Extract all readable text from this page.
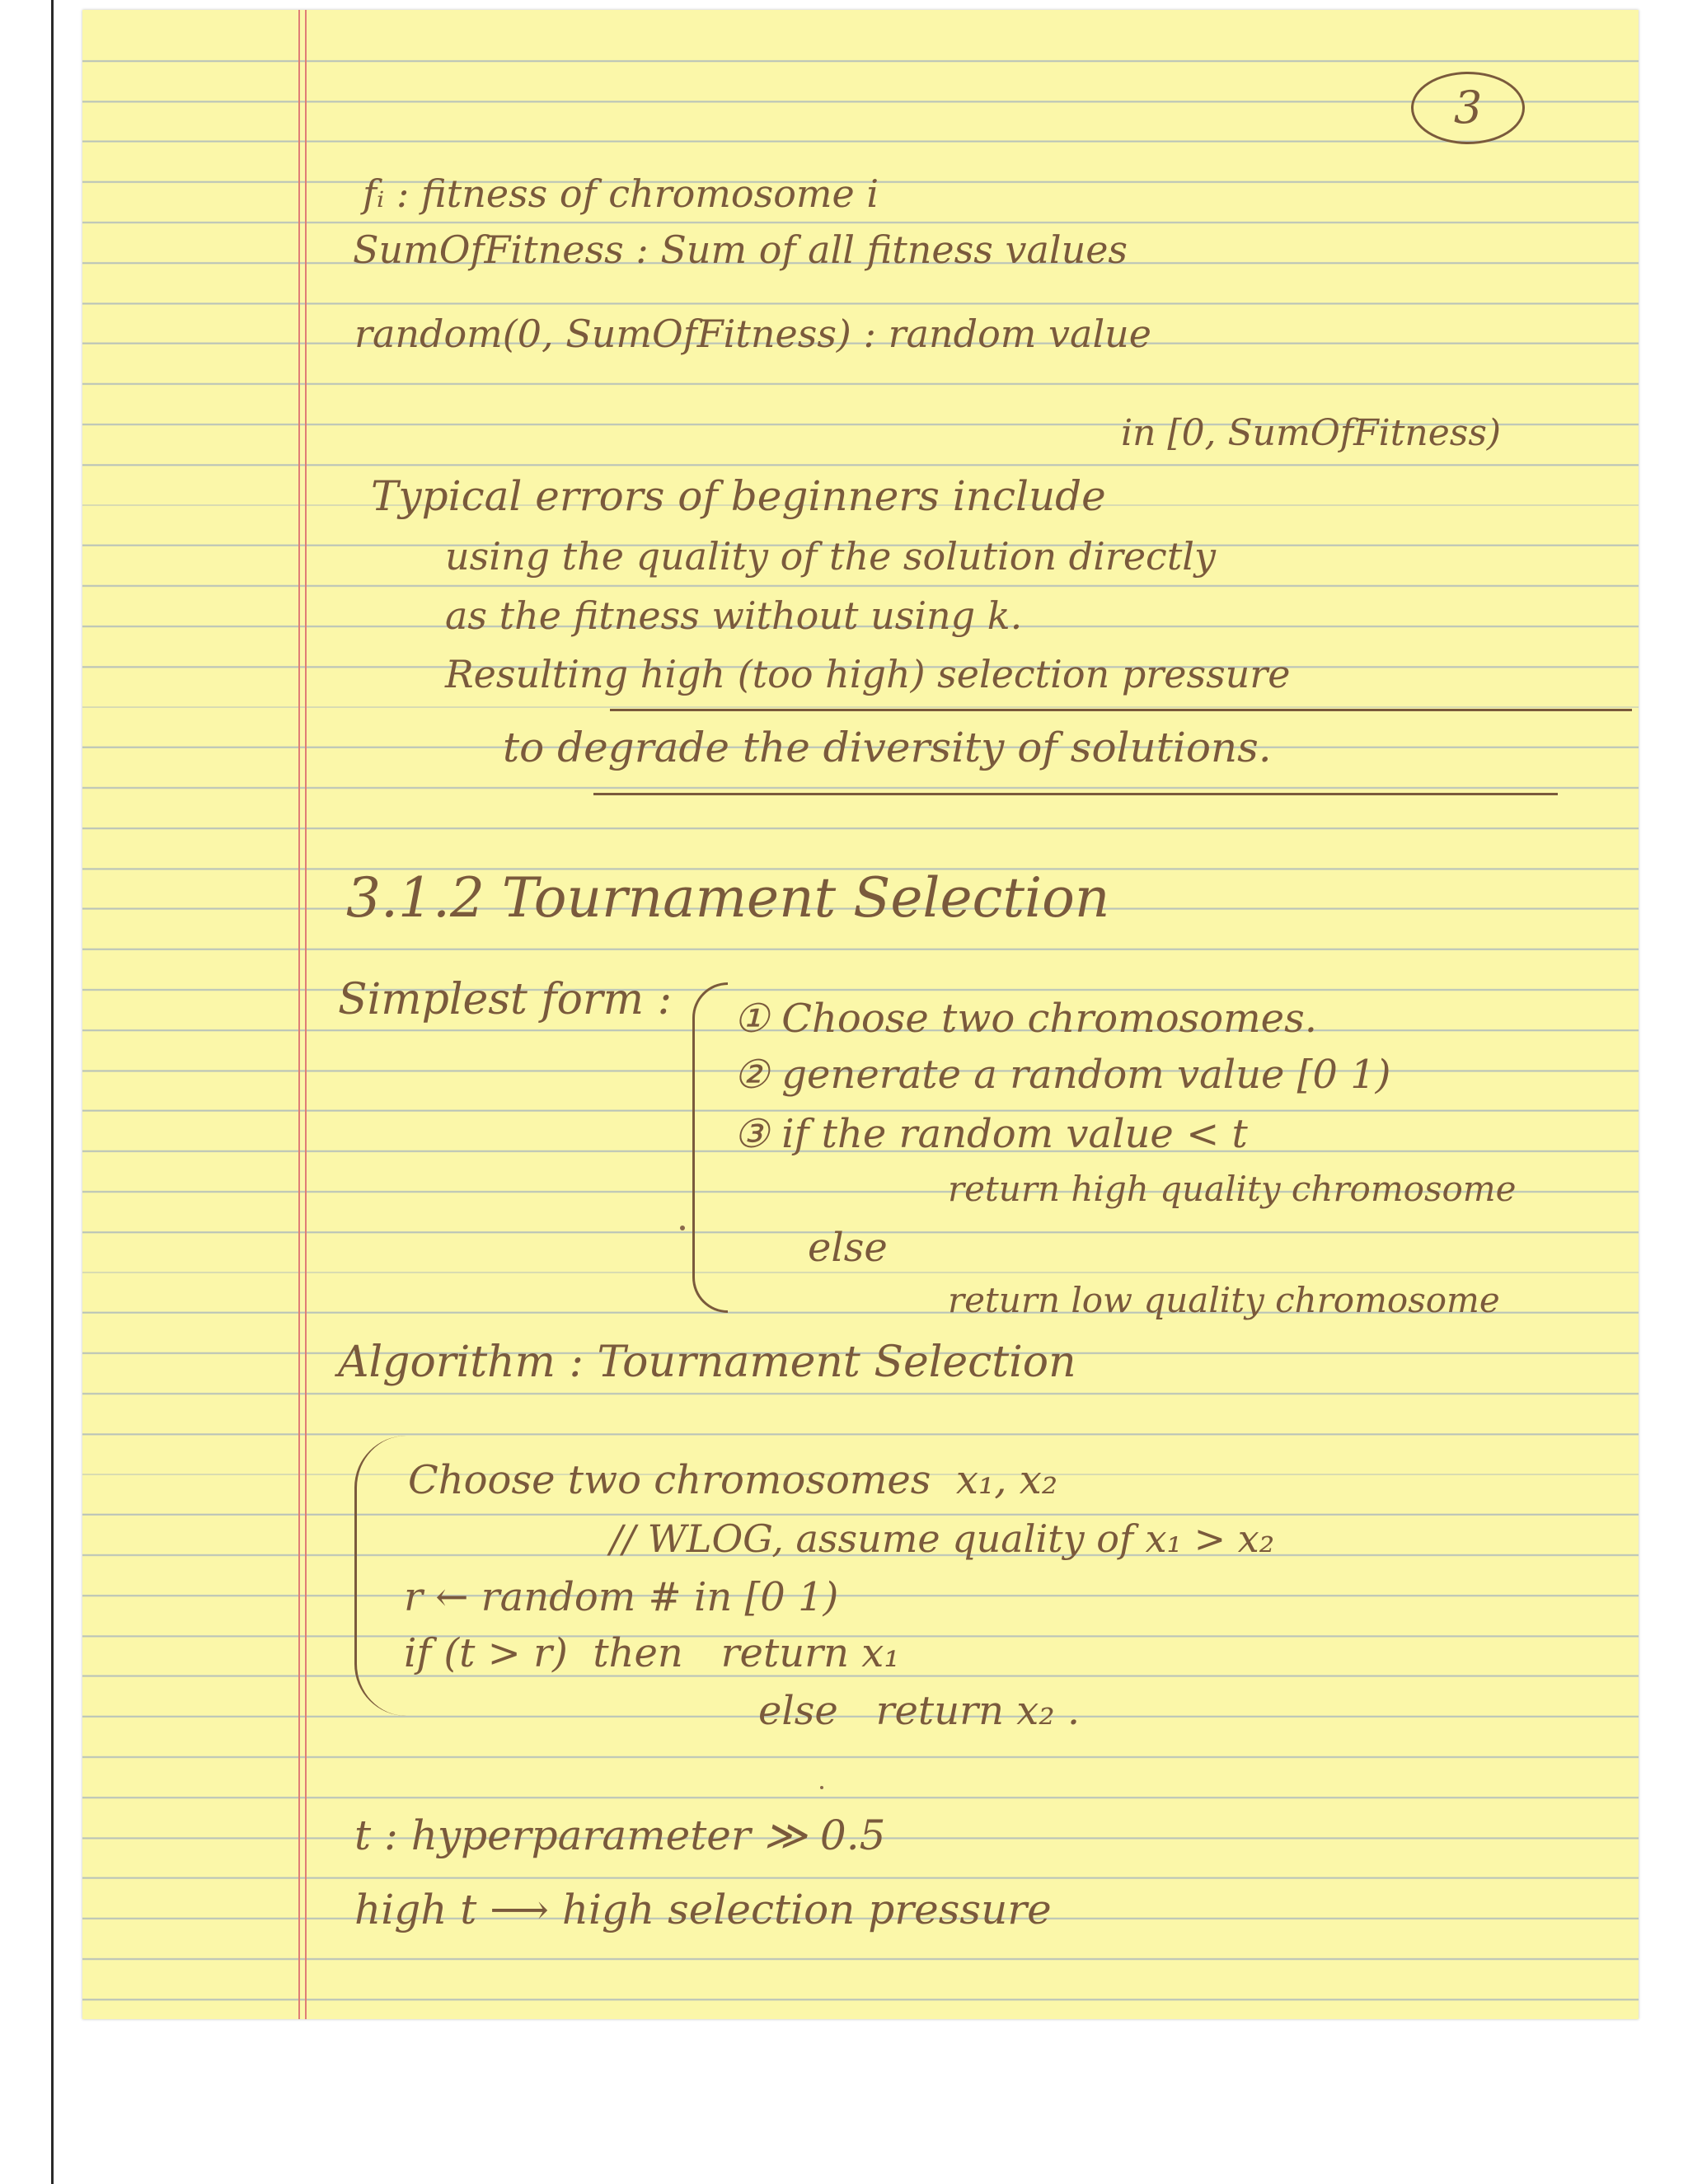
3
fᵢ : fitness of chromosome i
SumOfFitness : Sum of all fitness values
random(0, SumOfFitness) : random value
in [0, SumOfFitness)
Typical errors of beginners include
using the quality of the solution directly
as the fitness without using k.
Resulting high (too high) selection pressure
to degrade the diversity of solutions.
3.1.2 Tournament Selection
Simplest form : ① Choose two chromosomes.
② generate a random value [0 1)
③ if the random value < t
return high quality chromosome
else
return low quality chromosome
Algorithm : Tournament Selection
Choose two chromosomes  x₁, x₂
// WLOG, assume quality of x₁ > x₂
r ← random # in [0 1)
if (t > r)  then   return x₁
else   return x₂ .
t : hyperparameter ≫ 0.5
high t ⟶ high selection pressure
